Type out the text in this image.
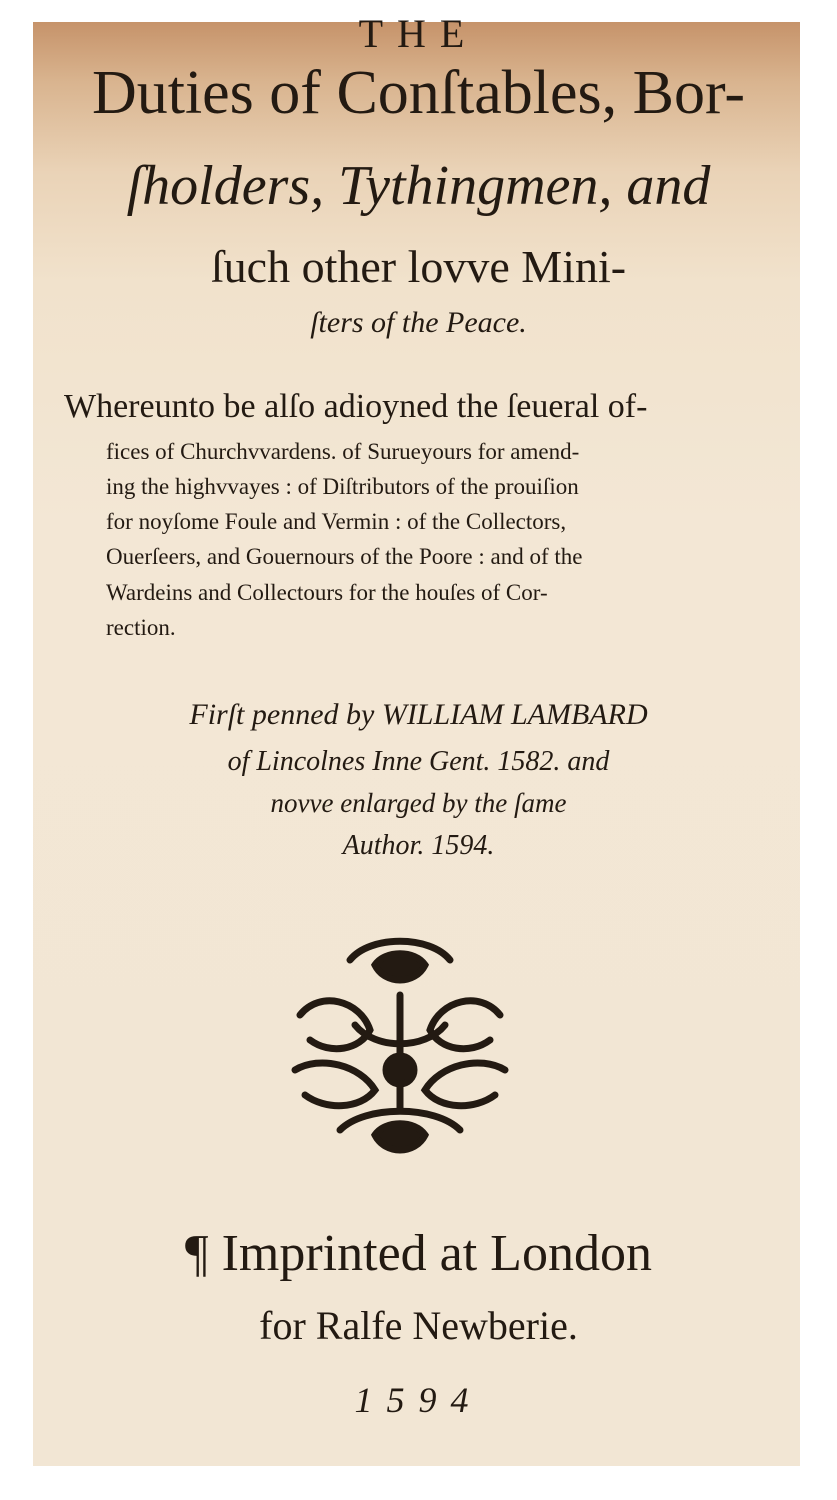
THE
Duties of Conſtables, Bor-
ſholders, Tythingmen, and
ſuch other lovve Mini-
ſters of the Peace.
Whereunto be alſo adioyned the ſeueral of-
fices of Churchvvardens. of Surueyours for amend-
ing the highvvayes : of Diſtributors of the prouiſion
for noyſome Foule and Vermin : of the Collectors,
Ouerſeers, and Gouernours of the Poore : and of the
Wardeins and Collectours for the houſes of Cor-
rection.
Firſt penned by WILLIAM LAMBARD
of Lincolnes Inne Gent. 1582. and
novve enlarged by the ſame
Author. 1594.
¶ Imprinted at London
for Ralfe Newberie.
1594
